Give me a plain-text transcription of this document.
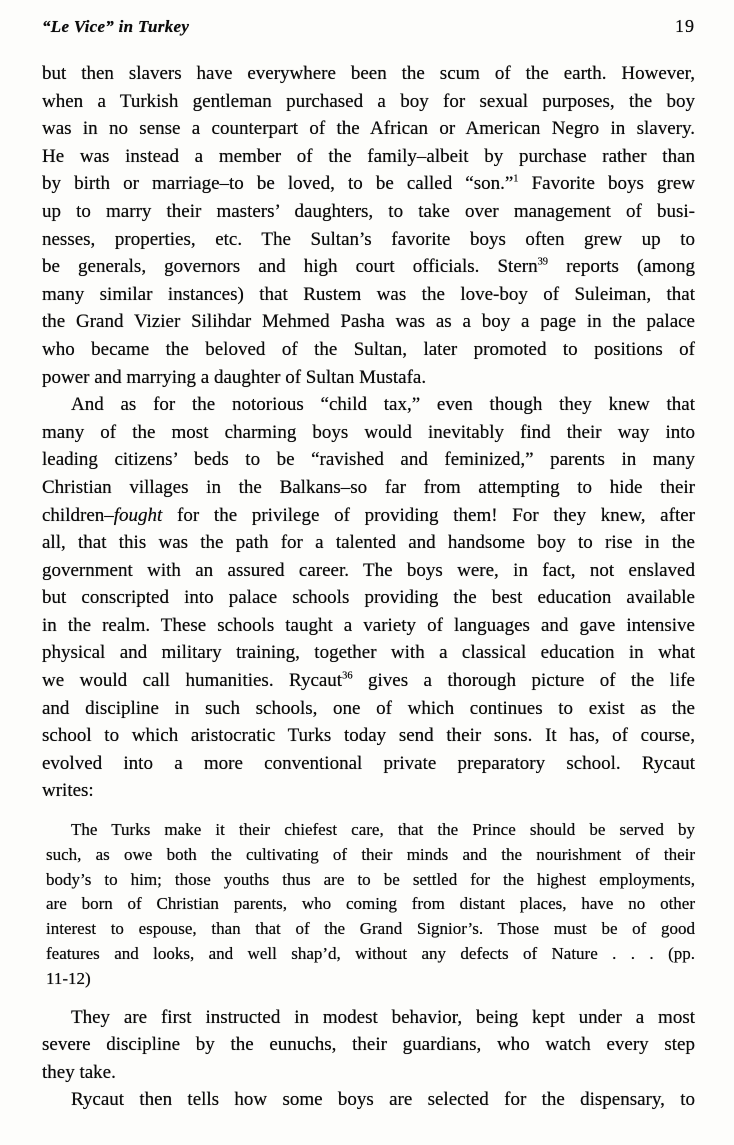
“Le Vice” in Turkey	19
but then slavers have everywhere been the scum of the earth. However,
when a Turkish gentleman purchased a boy for sexual purposes, the boy
was in no sense a counterpart of the African or American Negro in slavery.
He was instead a member of the family–albeit by purchase rather than
by birth or marriage–to be loved, to be called “son.”$^1$ Favorite boys grew
up to marry their masters’ daughters, to take over management of busi-
nesses, properties, etc. The Sultan’s favorite boys often grew up to
be generals, governors and high court officials. Stern$^{39}$ reports (among
many similar instances) that Rustem was the love-boy of Suleiman, that
the Grand Vizier Silihdar Mehmed Pasha was as a boy a page in the palace
who became the beloved of the Sultan, later promoted to positions of
power and marrying a daughter of Sultan Mustafa.
And as for the notorious “child tax,” even though they knew that
many of the most charming boys would inevitably find their way into
leading citizens’ beds to be “ravished and feminized,” parents in many
Christian villages in the Balkans–so far from attempting to hide their
children–fought for the privilege of providing them! For they knew, after
all, that this was the path for a talented and handsome boy to rise in the
government with an assured career. The boys were, in fact, not enslaved
but conscripted into palace schools providing the best education available
in the realm. These schools taught a variety of languages and gave intensive
physical and military training, together with a classical education in what
we would call humanities. Rycaut$^{36}$ gives a thorough picture of the life
and discipline in such schools, one of which continues to exist as the
school to which aristocratic Turks today send their sons. It has, of course,
evolved into a more conventional private preparatory school. Rycaut
writes:
The Turks make it their chiefest care, that the Prince should be served by
such, as owe both the cultivating of their minds and the nourishment of their
body’s to him; those youths thus are to be settled for the highest employments,
are born of Christian parents, who coming from distant places, have no other
interest to espouse, than that of the Grand Signior’s. Those must be of good
features and looks, and well shap’d, without any defects of Nature . . . (pp.
11-12)
They are first instructed in modest behavior, being kept under a most
severe discipline by the eunuchs, their guardians, who watch every step
they take.
Rycaut then tells how some boys are selected for the dispensary, to
